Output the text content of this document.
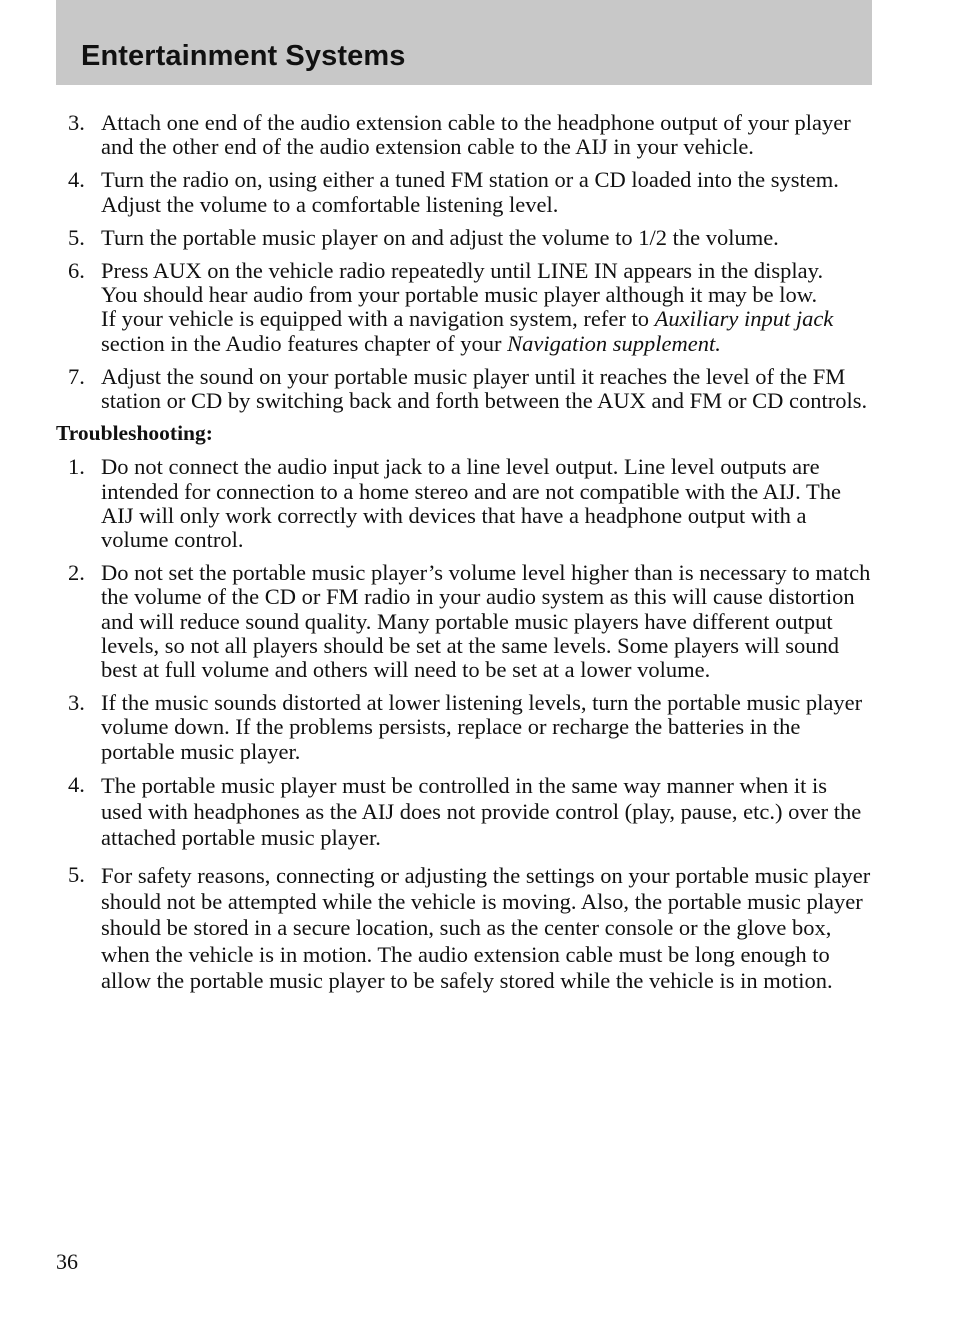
Entertainment Systems
3. Attach one end of the audio extension cable to the headphone output of your player and the other end of the audio extension cable to the AIJ in your vehicle.
4. Turn the radio on, using either a tuned FM station or a CD loaded into the system. Adjust the volume to a comfortable listening level.
5. Turn the portable music player on and adjust the volume to 1/2 the volume.
6. Press AUX on the vehicle radio repeatedly until LINE IN appears in the display.
You should hear audio from your portable music player although it may be low.
If your vehicle is equipped with a navigation system, refer to Auxiliary input jack section in the Audio features chapter of your Navigation supplement.
7. Adjust the sound on your portable music player until it reaches the level of the FM station or CD by switching back and forth between the AUX and FM or CD controls.
Troubleshooting:
1. Do not connect the audio input jack to a line level output. Line level outputs are intended for connection to a home stereo and are not compatible with the AIJ. The AIJ will only work correctly with devices that have a headphone output with a volume control.
2. Do not set the portable music player’s volume level higher than is necessary to match the volume of the CD or FM radio in your audio system as this will cause distortion and will reduce sound quality. Many portable music players have different output levels, so not all players should be set at the same levels. Some players will sound best at full volume and others will need to be set at a lower volume.
3. If the music sounds distorted at lower listening levels, turn the portable music player volume down. If the problems persists, replace or recharge the batteries in the portable music player.
4. The portable music player must be controlled in the same way manner when it is used with headphones as the AIJ does not provide control (play, pause, etc.) over the attached portable music player.
5. For safety reasons, connecting or adjusting the settings on your portable music player should not be attempted while the vehicle is moving. Also, the portable music player should be stored in a secure location, such as the center console or the glove box, when the vehicle is in motion. The audio extension cable must be long enough to allow the portable music player to be safely stored while the vehicle is in motion.
36
